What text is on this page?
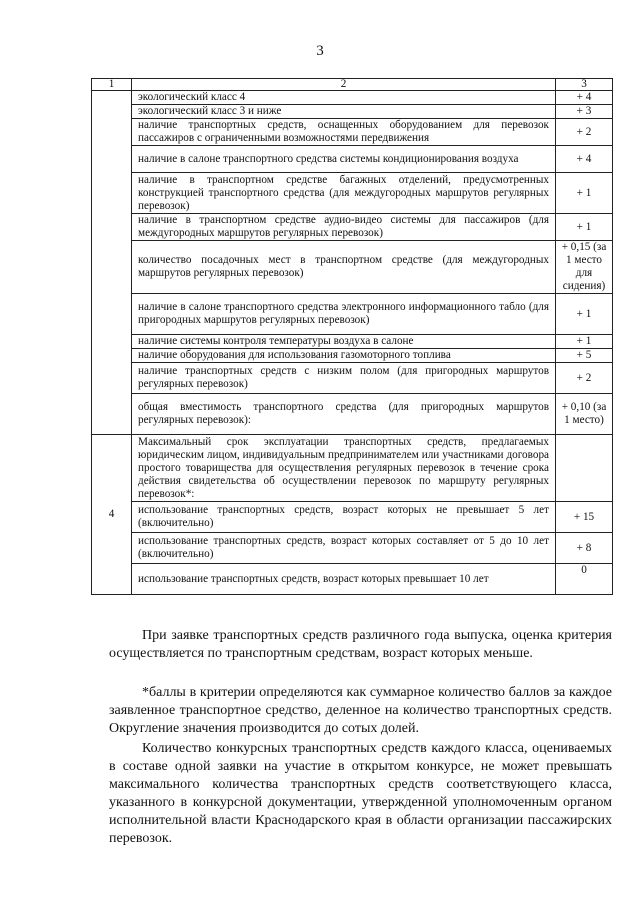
3
1	2	3
	экологический класс 4	+ 4
	экологический класс 3 и ниже	+ 3
	наличие транспортных средств, оснащенных оборудованием для перевозок пассажиров с ограниченными возможностями передвижения	+ 2
	наличие в салоне транспортного средства системы кондиционирования воздуха	+ 4
	наличие в транспортном средстве багажных отделений, предусмотренных конструкцией транспортного средства (для междугородных маршрутов регулярных перевозок)	+ 1
	наличие в транспортном средстве аудио-видео системы для пассажиров (для междугородных маршрутов регулярных перевозок)	+ 1
	количество посадочных мест в транспортном средстве (для междугородных маршрутов регулярных перевозок)	+ 0,15 (за 1 место для сидения)
	наличие в салоне транспортного средства электронного информационного табло (для пригородных маршрутов регулярных перевозок)	+ 1
	наличие системы контроля температуры воздуха в салоне	+ 1
	наличие оборудования для использования газомоторного топлива	+ 5
	наличие транспортных средств с низким полом (для пригородных маршрутов регулярных перевозок)	+ 2
	общая вместимость транспортного средства (для пригородных маршрутов регулярных перевозок):	+ 0,10 (за 1 место)
4	Максимальный срок эксплуатации транспортных средств, предлагаемых юридическим лицом, индивидуальным предпринимателем или участниками договора простого товарищества для осуществления регулярных перевозок в течение срока действия свидетельства об осуществлении перевозок по маршруту регулярных перевозок*:	
	использование транспортных средств, возраст которых не превышает 5 лет (включительно)	+ 15
	использование транспортных средств, возраст которых составляет от 5 до 10 лет (включительно)	+ 8
	использование транспортных средств, возраст которых превышает 10 лет	0

При заявке транспортных средств различного года выпуска, оценка критерия осуществляется по транспортным средствам, возраст которых меньше.

*баллы в критерии определяются как суммарное количество баллов за каждое заявленное транспортное средство, деленное на количество транспортных средств. Округление значения производится до сотых долей.

Количество конкурсных транспортных средств каждого класса, оцениваемых в составе одной заявки на участие в открытом конкурсе, не может превышать максимального количества транспортных средств соответствующего класса, указанного в конкурсной документации, утвержденной уполномоченным органом исполнительной власти Краснодарского края в области организации пассажирских перевозок.
